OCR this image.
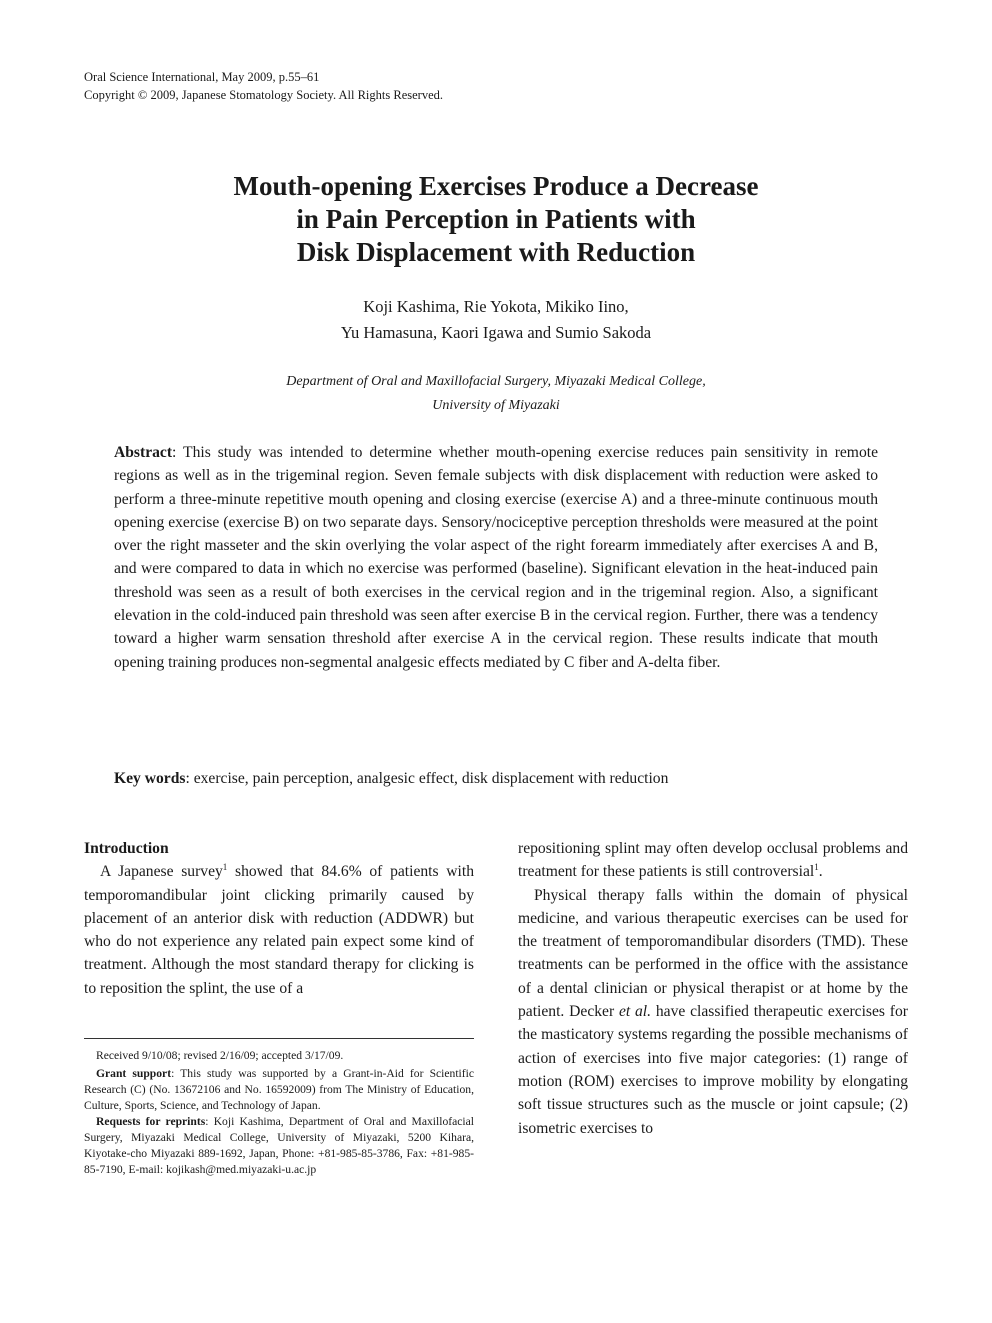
Oral Science International, May 2009, p.55–61
Copyright © 2009, Japanese Stomatology Society. All Rights Reserved.
Mouth-opening Exercises Produce a Decrease
in Pain Perception in Patients with
Disk Displacement with Reduction
Koji Kashima, Rie Yokota, Mikiko Iino,
Yu Hamasuna, Kaori Igawa and Sumio Sakoda
Department of Oral and Maxillofacial Surgery, Miyazaki Medical College,
University of Miyazaki

Abstract: This study was intended to determine whether mouth-opening exercise reduces pain sensitivity in remote regions as well as in the trigeminal region. Seven female subjects with disk displacement with reduction were asked to perform a three-minute repetitive mouth opening and closing exercise (exercise A) and a three-minute continuous mouth opening exercise (exercise B) on two separate days. Sensory/nociceptive perception thresholds were measured at the point over the right masseter and the skin overlying the volar aspect of the right forearm immediately after exercises A and B, and were compared to data in which no exercise was performed (baseline). Significant elevation in the heat-induced pain threshold was seen as a result of both exercises in the cervical region and in the trigeminal region. Also, a significant elevation in the cold-induced pain threshold was seen after exercise B in the cervical region. Further, there was a tendency toward a higher warm sensation threshold after exercise A in the cervical region. These results indicate that mouth opening training produces non-segmental analgesic effects mediated by C fiber and A-delta fiber.

Key words: exercise, pain perception, analgesic effect, disk displacement with reduction

Introduction

A Japanese survey$^1$ showed that 84.6% of patients with temporomandibular joint clicking primarily caused by placement of an anterior disk with reduction (ADDWR) but who do not experience any related pain expect some kind of treatment. Although the most standard therapy for clicking is to reposition the splint, the use of a

Received 9/10/08; revised 2/16/09; accepted 3/17/09.

Grant support: This study was supported by a Grant-in-Aid for Scientific Research (C) (No. 13672106 and No. 16592009) from The Ministry of Education, Culture, Sports, Science, and Technology of Japan.

Requests for reprints: Koji Kashima, Department of Oral and Maxillofacial Surgery, Miyazaki Medical College, University of Miyazaki, 5200 Kihara, Kiyotake-cho Miyazaki 889-1692, Japan, Phone: +81-985-85-3786, Fax: +81-985-85-7190, E-mail: kojikash@med.miyazaki-u.ac.jp

repositioning splint may often develop occlusal problems and treatment for these patients is still controversial$^1$.

Physical therapy falls within the domain of physical medicine, and various therapeutic exercises can be used for the treatment of temporomandibular disorders (TMD). These treatments can be performed in the office with the assistance of a dental clinician or physical therapist or at home by the patient. Decker et al. have classified therapeutic exercises for the masticatory systems regarding the possible mechanisms of action of exercises into five major categories: (1) range of motion (ROM) exercises to improve mobility by elongating soft tissue structures such as the muscle or joint capsule; (2) isometric exercises to
